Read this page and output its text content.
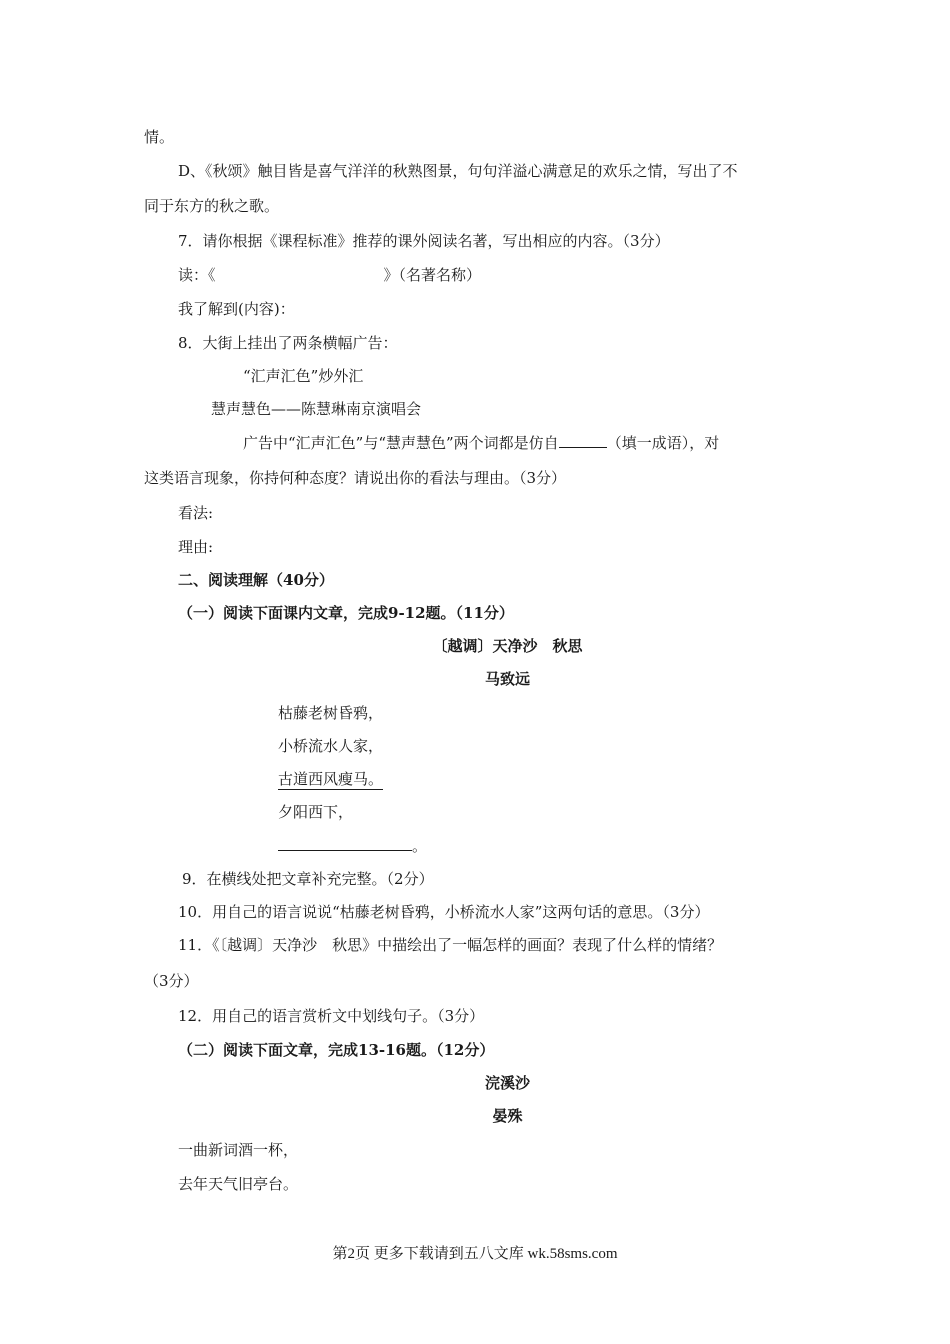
情。
D、《秋颂》触目皆是喜气洋洋的秋熟图景，句句洋溢心满意足的欢乐之情，写出了不
同于东方的秋之歌。
7．请你根据《课程标准》推荐的课外阅读名著，写出相应的内容。（3分）
读：《	》（名著名称）
我了解到(内容)：
8．大街上挂出了两条横幅广告：
“汇声汇色”炒外汇
慧声慧色——陈慧琳南京演唱会
广告中“汇声汇色”与“慧声慧色”两个词都是仿自	（填一成语），对
这类语言现象，你持何种态度？请说出你的看法与理由。（3分）
看法:
理由:
二、阅读理解（40分）
（一）阅读下面课内文章，完成9-12题。（11分）
〔越调〕天净沙　秋思
马致远
枯藤老树昏鸦，
小桥流水人家，
古道西风瘦马。
夕阳西下，
。
9．在横线处把文章补充完整。（2分）
10．用自己的语言说说“枯藤老树昏鸦，小桥流水人家”这两句话的意思。（3分）
11．《〔越调〕天净沙　秋思》中描绘出了一幅怎样的画面？表现了什么样的情绪？
（3分）
12．用自己的语言赏析文中划线句子。（3分）
（二）阅读下面文章，完成13-16题。（12分）
浣溪沙
晏殊
一曲新词酒一杯，
去年天气旧亭台。
第2页 更多下载请到五八文库 wk.58sms.com
